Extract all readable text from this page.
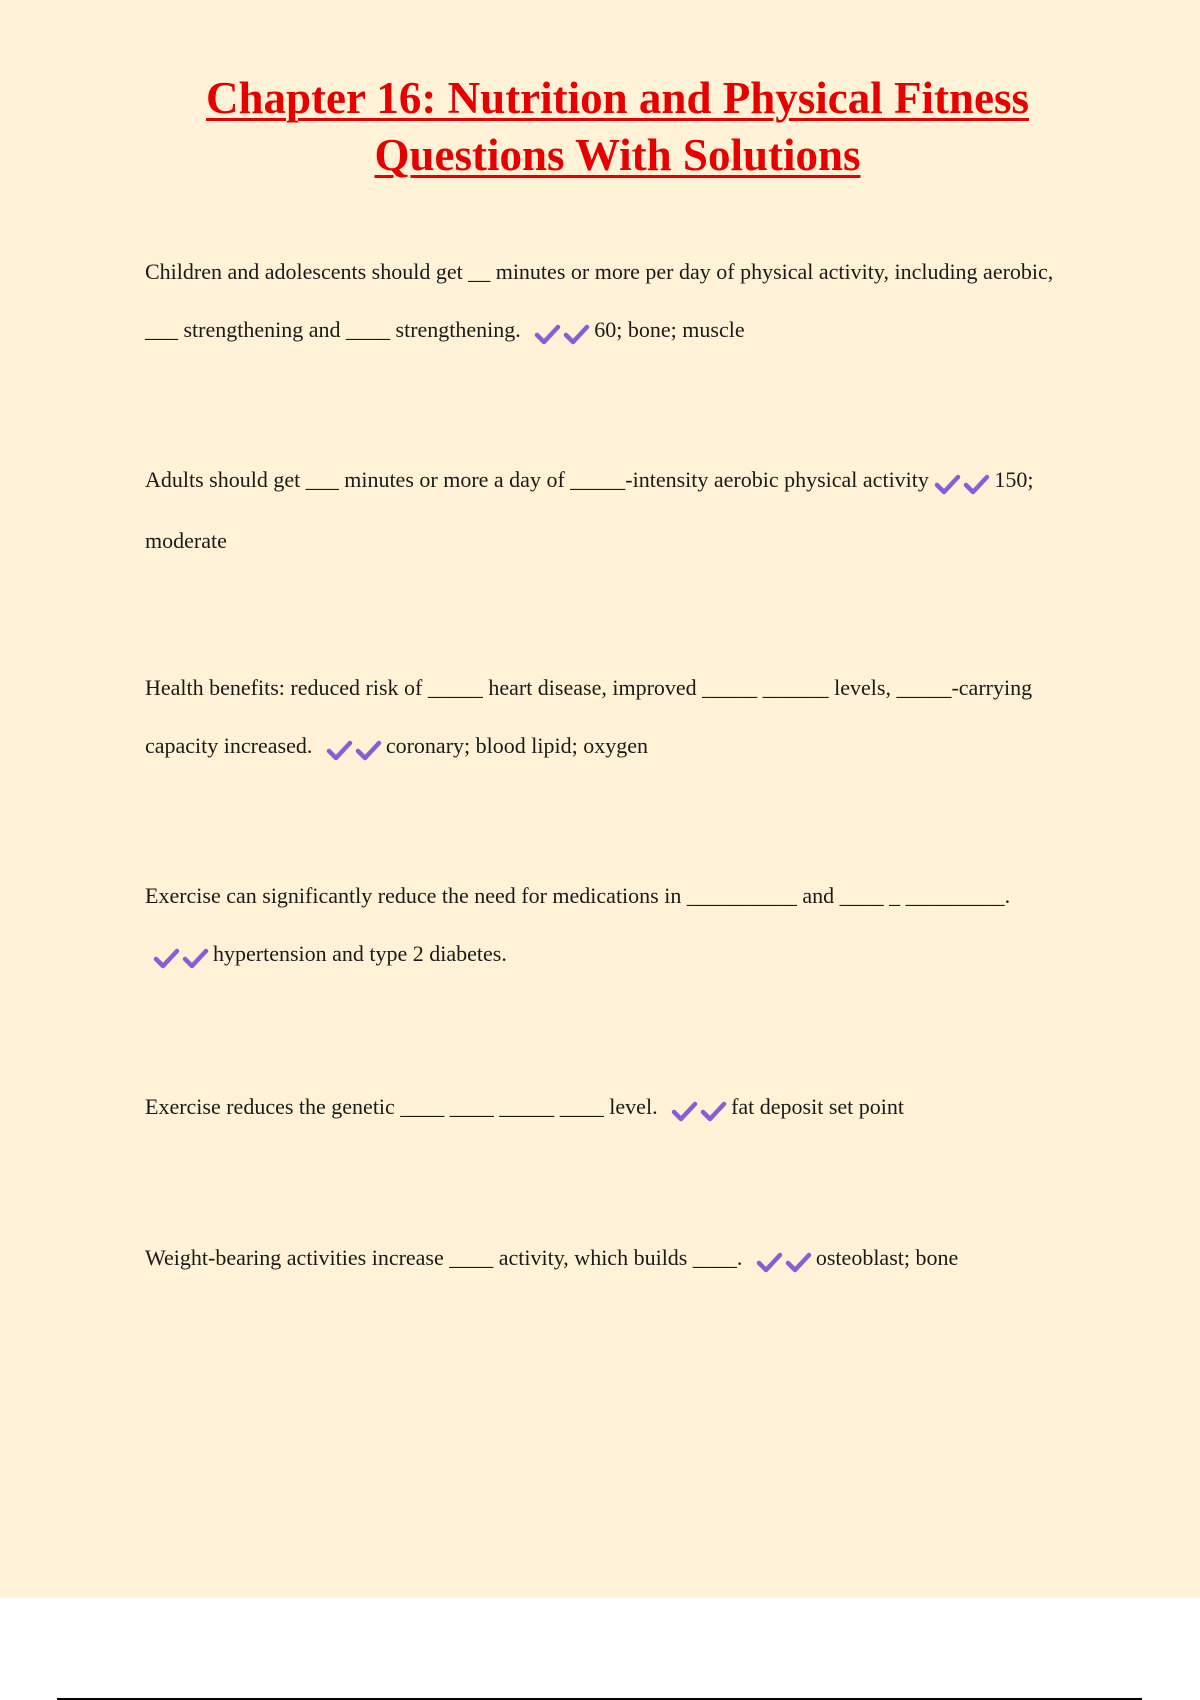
Chapter 16: Nutrition and Physical Fitness
Questions With Solutions

Children and adolescents should get __ minutes or more per day of physical activity, including aerobic, ___ strengthening and ____ strengthening.	60; bone; muscle

Adults should get ___ minutes or more a day of _____-intensity aerobic physical activity	150; moderate

Health benefits: reduced risk of _____ heart disease, improved _____ ______ levels, _____-carrying capacity increased.	coronary; blood lipid; oxygen

Exercise can significantly reduce the need for medications in __________ and ____ _ _________. hypertension and type 2 diabetes.

Exercise reduces the genetic ____ ____ _____ ____ level.	fat deposit set point

Weight-bearing activities increase ____ activity, which builds ____.	osteoblast; bone
